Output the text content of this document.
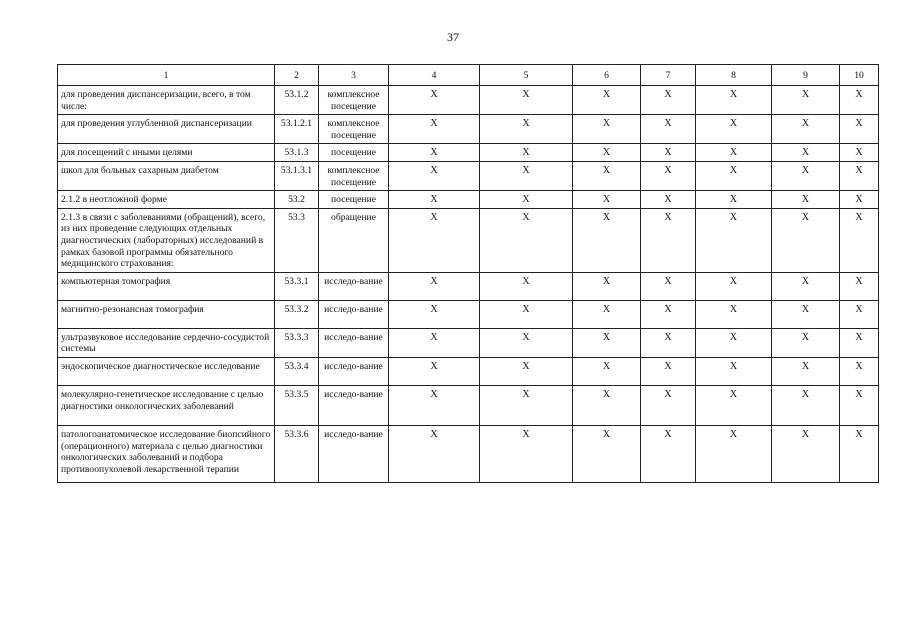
37
1	2	3	4	5	6	7	8	9	10
для проведения диспансеризации, всего, в том числе:	53.1.2	комплексное посещение	X	X	X	X	X	X	X
для проведения углубленной диспансеризации	53.1.2.1	комплексное посещение	X	X	X	X	X	X	X
для посещений с иными целями	53.1.3	посещение	X	X	X	X	X	X	X
школ для больных сахарным диабетом	53.1.3.1	комплексное посещение	X	X	X	X	X	X	X
2.1.2 в неотложной форме	53.2	посещение	X	X	X	X	X	X	X
2.1.3 в связи с заболеваниями (обращений), всего, из них проведение следующих отдельных диагностических (лабораторных) исследований в рамках базовой программы обязательного медицинского страхования:	53.3	обращение	X	X	X	X	X	X	X
компьютерная томография	53.3.1	исследо-вание	X	X	X	X	X	X	X
магнитно-резонансная томография	53.3.2	исследо-вание	X	X	X	X	X	X	X
ультразвуковое исследование сердечно-сосудистой системы	53.3.3	исследо-вание	X	X	X	X	X	X	X
эндоскопическое диагностическое исследование	53.3.4	исследо-вание	X	X	X	X	X	X	X
молекулярно-генетическое исследование с целью диагностики онкологических заболеваний	53.3.5	исследо-вание	X	X	X	X	X	X	X
патологоанатомическое исследование биопсийного (операционного) материала с целью диагностики онкологических заболеваний и подбора противоопухолевой лекарственной терапии	53.3.6	исследо-вание	X	X	X	X	X	X	X
